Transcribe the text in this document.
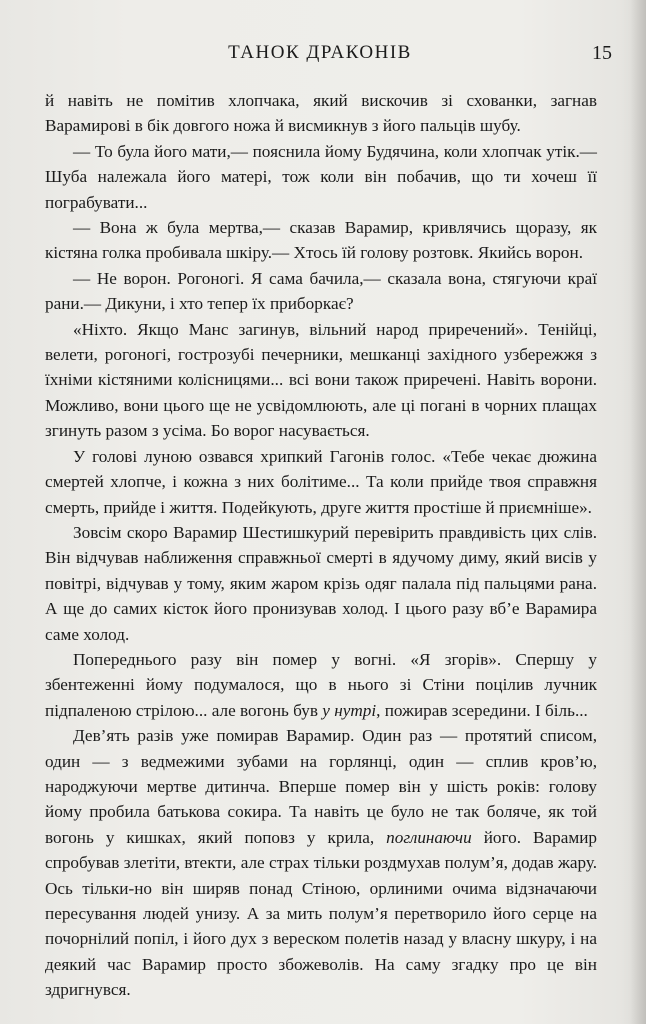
ТАНОК ДРАКОНІВ	15

й навіть не помітив хлопчака, який вискочив зі схованки, загнав Варамирові в бік довгого ножа й висмикнув з його пальців шубу.

— То була його мати,— пояснила йому Будячина, коли хлопчак утік.— Шуба належала його матері, тож коли він побачив, що ти хочеш її пограбувати...

— Вона ж була мертва,— сказав Варамир, кривлячись щоразу, як кістяна голка пробивала шкіру.— Хтось їй голову розтовк. Якийсь ворон.

— Не ворон. Рогоногі. Я сама бачила,— сказала вона, стягуючи краї рани.— Дикуни, і хто тепер їх приборкає?

«Ніхто. Якщо Манс загинув, вільний народ приречений». Тенійці, велети, рогоногі, гострозубі печерники, мешканці західного узбережжя з їхніми кістяними колісницями... всі вони також приречені. Навіть ворони. Можливо, вони цього ще не усвідомлюють, але ці погані в чорних плащах згинуть разом з усіма. Бо ворог насувається.

У голові луною озвався хрипкий Гагонів голос. «Тебе чекає дюжина смертей хлопче, і кожна з них болітиме... Та коли прийде твоя справжня смерть, прийде і життя. Подейкують, друге життя простіше й приємніше».

Зовсім скоро Варамир Шестишкурий перевірить правдивість цих слів. Він відчував наближення справжньої смерті в ядучому диму, який висів у повітрі, відчував у тому, яким жаром крізь одяг палала під пальцями рана. А ще до самих кісток його пронизував холод. І цього разу вб’е Варамира саме холод.

Попереднього разу він помер у вогні. «Я згорів». Спершу у збентеженні йому подумалося, що в нього зі Стіни поцілив лучник підпаленою стрілою... але вогонь був у нутрі, пожирав зсередини. І біль...

Дев’ять разів уже помирав Варамир. Один раз — протятий списом, один — з ведмежими зубами на горлянці, один — сплив кров’ю, народжуючи мертве дитинча. Вперше помер він у шість років: голову йому пробила батькова сокира. Та навіть це було не так боляче, як той вогонь у кишках, який поповз у крила, поглинаючи його. Варамир спробував злетіти, втекти, але страх тільки роздмухав полум’я, додав жару. Ось тільки-но він ширяв понад Стіною, орлиними очима відзначаючи пересування людей унизу. А за мить полум’я перетворило його серце на почорнілий попіл, і його дух з вереском полетів назад у власну шкуру, і на деякий час Варамир просто збожеволів. На саму згадку про це він здригнувся.
